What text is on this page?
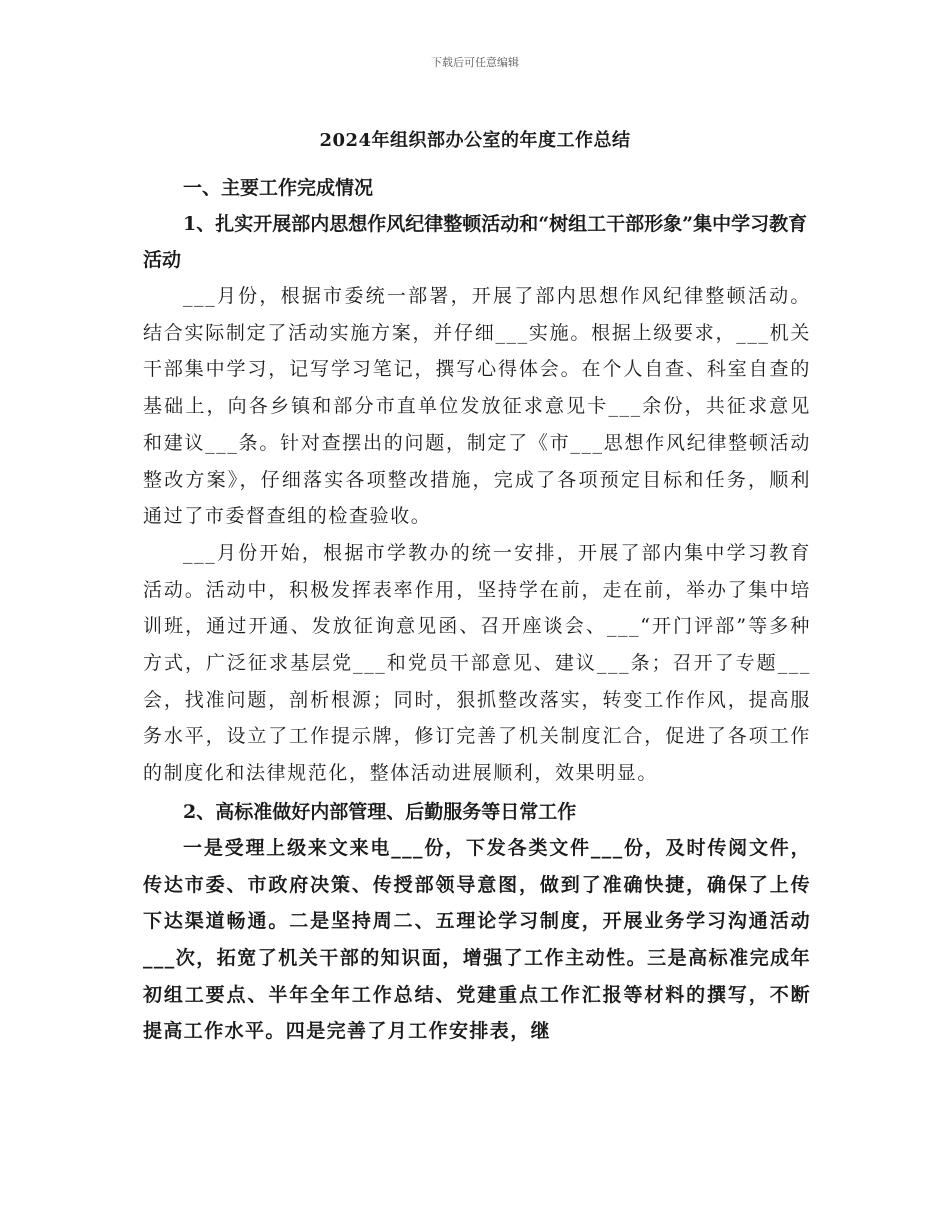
下载后可任意编辑
2024年组织部办公室的年度工作总结

一、主要工作完成情况

1、扎实开展部内思想作风纪律整顿活动和“树组工干部形象”集中学习教育活动

___月份，根据市委统一部署，开展了部内思想作风纪律整顿活动。结合实际制定了活动实施方案，并仔细___实施。根据上级要求，___机关干部集中学习，记写学习笔记，撰写心得体会。在个人自查、科室自查的基础上，向各乡镇和部分市直单位发放征求意见卡___余份，共征求意见和建议___条。针对查摆出的问题，制定了《市___思想作风纪律整顿活动整改方案》，仔细落实各项整改措施，完成了各项预定目标和任务，顺利通过了市委督查组的检查验收。

___月份开始，根据市学教办的统一安排，开展了部内集中学习教育活动。活动中，积极发挥表率作用，坚持学在前，走在前，举办了集中培训班，通过开通、发放征询意见函、召开座谈会、___“开门评部”等多种方式，广泛征求基层党___和党员干部意见、建议___条；召开了专题___会，找准问题，剖析根源；同时，狠抓整改落实，转变工作作风，提高服务水平，设立了工作提示牌，修订完善了机关制度汇合，促进了各项工作的制度化和法律规范化，整体活动进展顺利，效果明显。

2、高标准做好内部管理、后勤服务等日常工作

一是受理上级来文来电___份，下发各类文件___份，及时传阅文件，传达市委、市政府决策、传授部领导意图，做到了准确快捷，确保了上传下达渠道畅通。二是坚持周二、五理论学习制度，开展业务学习沟通活动___次，拓宽了机关干部的知识面，增强了工作主动性。三是高标准完成年初组工要点、半年全年工作总结、党建重点工作汇报等材料的撰写，不断提高工作水平。四是完善了月工作安排表，继
